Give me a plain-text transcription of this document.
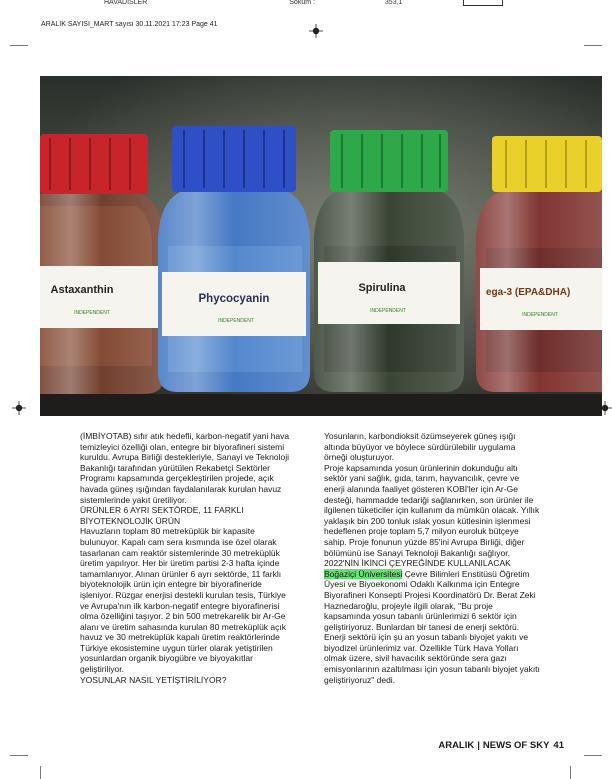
HAVADISLER	Sokum :	353,1
ARALIK SAYISI_MART sayısı 30.11.2021 17:23 Page 41
Astaxanthin
INDEPENDENT
Phycocyanin
INDEPENDENT
Spirulina
INDEPENDENT
ega-3 (EPA&DHA)
INDEPENDENT

(İMBİYOTAB) sıfır atık hedefli, karbon-negatif yani hava temizleyici özelliği olan, entegre bir biyorafineri sistemi kuruldu. Avrupa Birliği destekleriyle, Sanayi ve Teknoloji Bakanlığı tarafından yürütülen Rekabetçi Sektörler Programı kapsamında gerçekleştirilen projede, açık havada güneş ışığından faydalanılarak kurulan havuz sistemlerinde yakıt üretiliyor.

ÜRÜNLER 6 AYRI SEKTÖRDE, 11 FARKLI BİYOTEKNOLOJİK ÜRÜN

Havuzların toplam 80 metreküplük bir kapasite bulunuyor. Kapalı cam sera kısmında ise özel olarak tasarlanan cam reaktör sistemlerinde 30 metreküplük üretim yapılıyor. Her bir üretim partisi 2-3 hafta içinde tamamlanıyor. Alınan ürünler 6 ayrı sektörde, 11 farklı biyoteknolojik ürün için entegre bir biyorafineride işleniyor. Rüzgar enerjisi destekli kurulan tesis, Türkiye ve Avrupa'nın ilk karbon-negatif entegre biyorafinerisi olma özelliğini taşıyor. 2 bin 500 metrekarelik bir Ar-Ge alanı ve üretim sahasında kurulan 80 metreküplük açık havuz ve 30 metreküplük kapalı üretim reaktörlerinde Türkiye ekosistemine uygun türler olarak yetiştirilen yosunlardan organik biyogübre ve biyoyakıtlar geliştiriliyor.

YOSUNLAR NASIL YETİŞTİRİLİYOR?

Yosunların, karbondioksit özümseyerek güneş ışığı altında büyüyor ve böylece sürdürülebilir uygulama örneği oluşturuyor.

Proje kapsamında yosun ürünlerinin dokunduğu altı sektör yani sağlık, gıda, tarım, hayvancılık, çevre ve enerji alanında faaliyet gösteren KOBİ'ler için Ar-Ge desteği, hammadde tedariği sağlanırken, son ürünler ile ilgilenen tüketiciler için kullanım da mümkün olacak. Yıllık yaklaşık bin 200 tonluk ıslak yosun kütlesinin işlenmesi hedeflenen proje toplam 5,7 milyon euroluk bütçeye sahip. Proje fonunun yüzde 85'ini Avrupa Birliği, diğer bölümünü ise Sanayi Teknoloji Bakanlığı sağlıyor.

2022'NİN İKİNCİ ÇEYREĞİNDE KULLANILACAK

Boğaziçi Üniversitesi Çevre Bilimleri Enstitüsü Öğretim Üyesi ve Biyoekonomi Odaklı Kalkınma için Entegre Biyorafineri Konsepti Projesi Koordinatörü Dr. Berat Zeki Haznedaroğlu, projeyle ilgili olarak, "Bu proje kapsamında yosun tabanlı ürünlerimizi 6 sektör için geliştiriyoruz. Bunlardan bir tanesi de enerji sektörü. Enerji sektörü için şu an yosun tabanlı biyojet yakıtı ve biyodizel ürünlerimiz var. Özellikle Türk Hava Yolları olmak üzere, sivil havacılık sektöründe sera gazı emisyonlarının azaltılması için yosun tabanlı biyojet yakıtı geliştiriyoruz" dedi.

ARALIK | NEWS OF SKY 41
